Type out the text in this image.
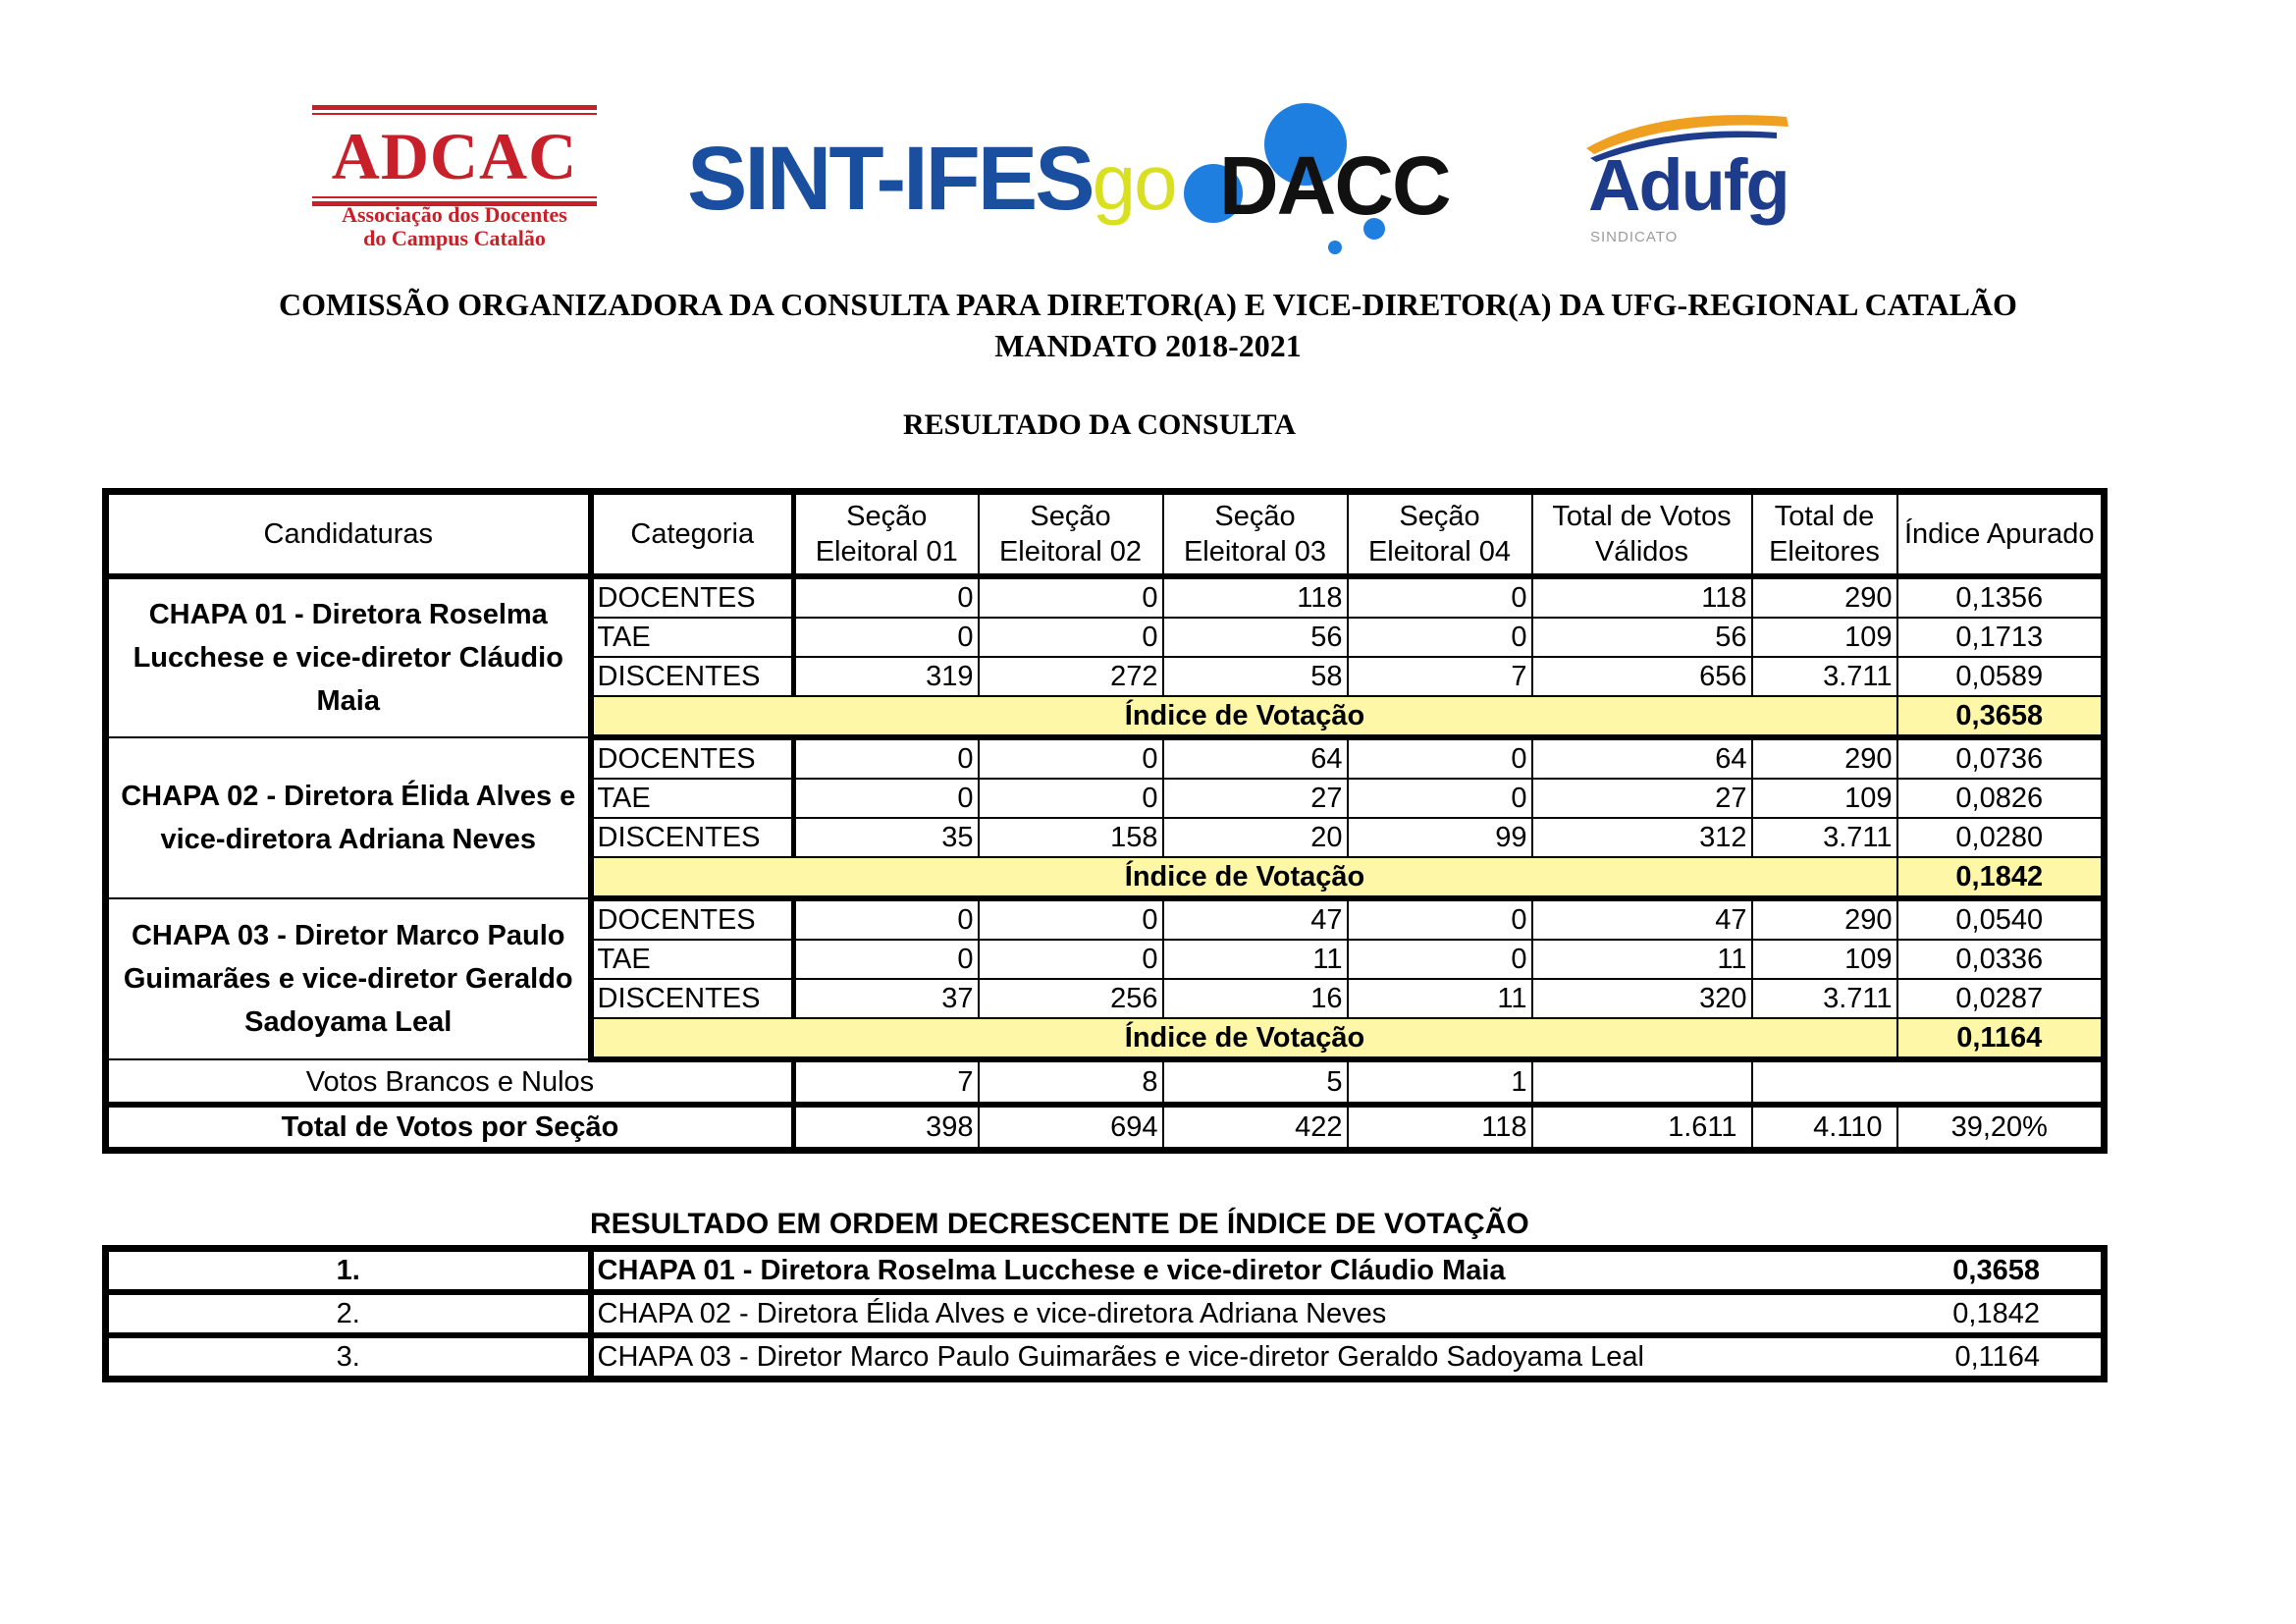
ADCAC
Associação dos Docentes
do Campus Catalão
SINT-IFESgo DACC Adufg
SINDICATO
COMISSÃO ORGANIZADORA DA CONSULTA PARA DIRETOR(A) E VICE-DIRETOR(A) DA UFG-REGIONAL CATALÃO
MANDATO 2018-2021
RESULTADO DA CONSULTA
Candidaturas	Categoria	Seção Eleitoral 01	Seção Eleitoral 02	Seção Eleitoral 03	Seção Eleitoral 04	Total de Votos Válidos	Total de Eleitores	Índice Apurado
CHAPA 01 - Diretora Roselma Lucchese e vice-diretor Cláudio Maia	DOCENTES	0	0	118	0	118	290	0,1356
	TAE	0	0	56	0	56	109	0,1713
	DISCENTES	319	272	58	7	656	3.711	0,0589
	Índice de Votação							0,3658
CHAPA 02 - Diretora Élida Alves e vice-diretora Adriana Neves	DOCENTES	0	0	64	0	64	290	0,0736
	TAE	0	0	27	0	27	109	0,0826
	DISCENTES	35	158	20	99	312	3.711	0,0280
	Índice de Votação							0,1842
CHAPA 03 - Diretor Marco Paulo Guimarães e vice-diretor Geraldo Sadoyama Leal	DOCENTES	0	0	47	0	47	290	0,0540
	TAE	0	0	11	0	11	109	0,0336
	DISCENTES	37	256	16	11	320	3.711	0,0287
	Índice de Votação							0,1164
Votos Brancos e Nulos		7	8	5	1			
Total de Votos por Seção		398	694	422	118	1.611	4.110	39,20%
RESULTADO EM ORDEM DECRESCENTE DE ÍNDICE DE VOTAÇÃO
1.	CHAPA 01 - Diretora Roselma Lucchese e vice-diretor Cláudio Maia	0,3658
2.	CHAPA 02 - Diretora Élida Alves e vice-diretora Adriana Neves	0,1842
3.	CHAPA 03 - Diretor Marco Paulo Guimarães e vice-diretor Geraldo Sadoyama Leal	0,1164
